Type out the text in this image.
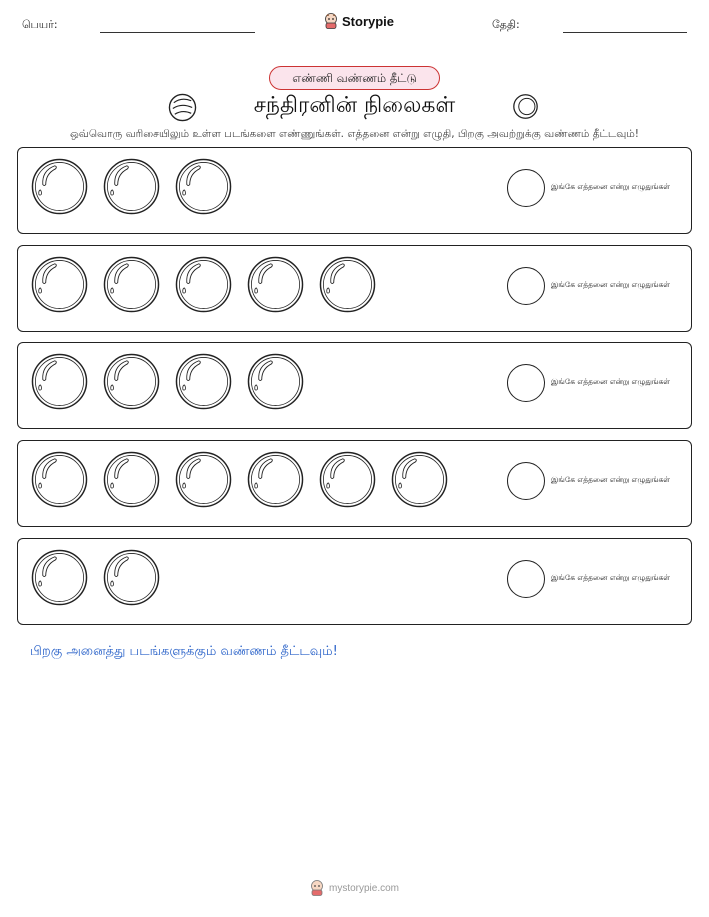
பெயர்:	Storypie	தேதி:
எண்ணி வண்ணம் தீட்டு
சந்திரனின் நிலைகள்
ஒவ்வொரு வரிசையிலும் உள்ள படங்களை எண்ணுங்கள். எத்தனை என்று எழுதி, பிறகு அவற்றுக்கு வண்ணம் தீட்டவும்!
இங்கே எத்தனை என்று எழுதுங்கள்
இங்கே எத்தனை என்று எழுதுங்கள்
இங்கே எத்தனை என்று எழுதுங்கள்
இங்கே எத்தனை என்று எழுதுங்கள்
இங்கே எத்தனை என்று எழுதுங்கள்
பிறகு அனைத்து படங்களுக்கும் வண்ணம் தீட்டவும்!
mystorypie.com
